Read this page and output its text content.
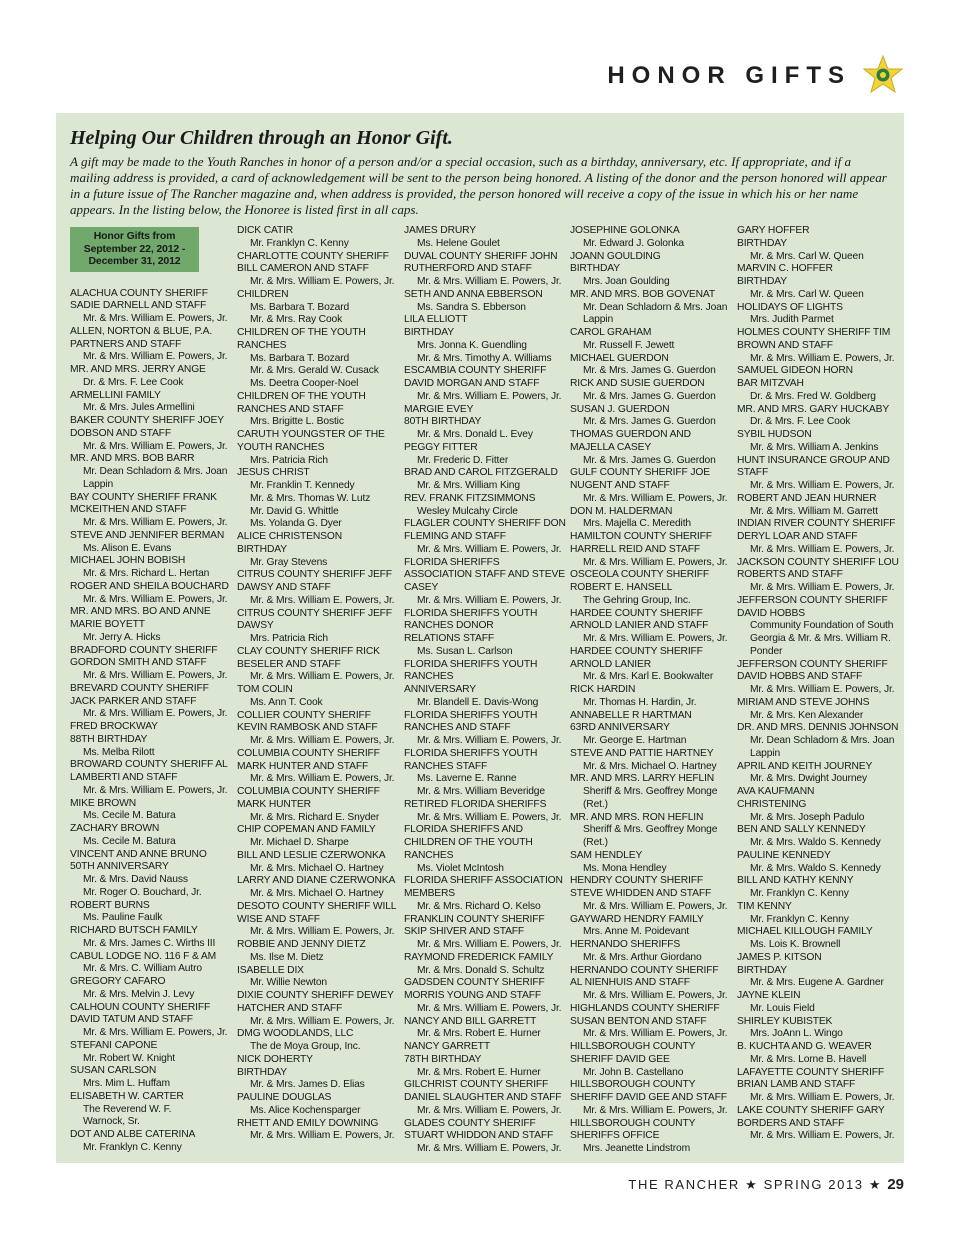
HONOR GIFTS
Helping Our Children through an Honor Gift.

A gift may be made to the Youth Ranches in honor of a person and/or a special occasion, such as a birthday, anniversary, etc. If appropriate, and if a mailing address is provided, a card of acknowledgement will be sent to the person being honored. A listing of the donor and the person honored will appear in a future issue of The Rancher magazine and, when address is provided, the person honored will receive a copy of the issue in which his or her name appears. In the listing below, the Honoree is listed first in all caps.

Honor Gifts from
September 22, 2012 -
December 31, 2012
ALACHUA COUNTY SHERIFF
SADIE DARNELL AND STAFF
Mr. & Mrs. William E. Powers, Jr.
ALLEN, NORTON & BLUE, P.A.
PARTNERS AND STAFF
Mr. & Mrs. William E. Powers, Jr.
MR. AND MRS. JERRY ANGE
Dr. & Mrs. F. Lee Cook
ARMELLINI FAMILY
Mr. & Mrs. Jules Armellini
BAKER COUNTY SHERIFF JOEY
DOBSON AND STAFF
Mr. & Mrs. William E. Powers, Jr.
MR. AND MRS. BOB BARR
Mr. Dean Schladorn & Mrs. Joan
Lappin
BAY COUNTY SHERIFF FRANK
MCKEITHEN AND STAFF
Mr. & Mrs. William E. Powers, Jr.
STEVE AND JENNIFER BERMAN
Ms. Alison E. Evans
MICHAEL JOHN BOBISH
Mr. & Mrs. Richard L. Hertan
ROGER AND SHEILA BOUCHARD
Mr. & Mrs. William E. Powers, Jr.
MR. AND MRS. BO AND ANNE
MARIE BOYETT
Mr. Jerry A. Hicks
BRADFORD COUNTY SHERIFF
GORDON SMITH AND STAFF
Mr. & Mrs. William E. Powers, Jr.
BREVARD COUNTY SHERIFF
JACK PARKER AND STAFF
Mr. & Mrs. William E. Powers, Jr.
FRED BROCKWAY
88TH BIRTHDAY
Ms. Melba Rilott
BROWARD COUNTY SHERIFF AL
LAMBERTI AND STAFF
Mr. & Mrs. William E. Powers, Jr.
MIKE BROWN
Ms. Cecile M. Batura
ZACHARY BROWN
Ms. Cecile M. Batura
VINCENT AND ANNE BRUNO
50TH ANNIVERSARY
Mr. & Mrs. David Nauss
Mr. Roger O. Bouchard, Jr.
ROBERT BURNS
Ms. Pauline Faulk
RICHARD BUTSCH FAMILY
Mr. & Mrs. James C. Wirths III
CABUL LODGE NO. 116 F & AM
Mr. & Mrs. C. William Autro
GREGORY CAFARO
Mr. & Mrs. Melvin J. Levy
CALHOUN COUNTY SHERIFF
DAVID TATUM AND STAFF
Mr. & Mrs. William E. Powers, Jr.
STEFANI CAPONE
Mr. Robert W. Knight
SUSAN CARLSON
Mrs. Mim L. Huffam
ELISABETH W. CARTER
The Reverend W. F.
Warnock, Sr.
DOT AND ALBE CATERINA
Mr. Franklyn C. Kenny
DICK CATIR
Mr. Franklyn C. Kenny
CHARLOTTE COUNTY SHERIFF
BILL CAMERON AND STAFF
Mr. & Mrs. William E. Powers, Jr.
CHILDREN
Ms. Barbara T. Bozard
Mr. & Mrs. Ray Cook
CHILDREN OF THE YOUTH
RANCHES
Ms. Barbara T. Bozard
Mr. & Mrs. Gerald W. Cusack
Ms. Deetra Cooper-Noel
CHILDREN OF THE YOUTH
RANCHES AND STAFF
Mrs. Brigitte L. Bostic
CARUTH YOUNGSTER OF THE
YOUTH RANCHES
Mrs. Patricia Rich
JESUS CHRIST
Mr. Franklin T. Kennedy
Mr. & Mrs. Thomas W. Lutz
Mr. David G. Whittle
Ms. Yolanda G. Dyer
ALICE CHRISTENSON
BIRTHDAY
Mr. Gray Stevens
CITRUS COUNTY SHERIFF JEFF
DAWSY AND STAFF
Mr. & Mrs. William E. Powers, Jr.
CITRUS COUNTY SHERIFF JEFF
DAWSY
Mrs. Patricia Rich
CLAY COUNTY SHERIFF RICK
BESELER AND STAFF
Mr. & Mrs. William E. Powers, Jr.
TOM COLIN
Ms. Ann T. Cook
COLLIER COUNTY SHERIFF
KEVIN RAMBOSK AND STAFF
Mr. & Mrs. William E. Powers, Jr.
COLUMBIA COUNTY SHERIFF
MARK HUNTER AND STAFF
Mr. & Mrs. William E. Powers, Jr.
COLUMBIA COUNTY SHERIFF
MARK HUNTER
Mr. & Mrs. Richard E. Snyder
CHIP COPEMAN AND FAMILY
Mr. Michael D. Sharpe
BILL AND LESLIE CZERWONKA
Mr. & Mrs. Michael O. Hartney
LARRY AND DIANE CZERWONKA
Mr. & Mrs. Michael O. Hartney
DESOTO COUNTY SHERIFF WILL
WISE AND STAFF
Mr. & Mrs. William E. Powers, Jr.
ROBBIE AND JENNY DIETZ
Ms. Ilse M. Dietz
ISABELLE DIX
Mr. Willie Newton
DIXIE COUNTY SHERIFF DEWEY
HATCHER AND STAFF
Mr. & Mrs. William E. Powers, Jr.
DMG WOODLANDS, LLC
The de Moya Group, Inc.
NICK DOHERTY
BIRTHDAY
Mr. & Mrs. James D. Elias
PAULINE DOUGLAS
Ms. Alice Kochensparger
RHETT AND EMILY DOWNING
Mr. & Mrs. William E. Powers, Jr.
JAMES DRURY
Ms. Helene Goulet
DUVAL COUNTY SHERIFF JOHN
RUTHERFORD AND STAFF
Mr. & Mrs. William E. Powers, Jr.
SETH AND ANNA EBBERSON
Ms. Sandra S. Ebberson
LILA ELLIOTT
BIRTHDAY
Mrs. Jonna K. Guendling
Mr. & Mrs. Timothy A. Williams
ESCAMBIA COUNTY SHERIFF
DAVID MORGAN AND STAFF
Mr. & Mrs. William E. Powers, Jr.
MARGIE EVEY
80TH BIRTHDAY
Mr. & Mrs. Donald L. Evey
PEGGY FITTER
Mr. Frederic D. Fitter
BRAD AND CAROL FITZGERALD
Mr. & Mrs. William King
REV. FRANK FITZSIMMONS
Wesley Mulcahy Circle
FLAGLER COUNTY SHERIFF DON
FLEMING AND STAFF
Mr. & Mrs. William E. Powers, Jr.
FLORIDA SHERIFFS
ASSOCIATION STAFF AND STEVE
CASEY
Mr. & Mrs. William E. Powers, Jr.
FLORIDA SHERIFFS YOUTH
RANCHES DONOR
RELATIONS STAFF
Ms. Susan L. Carlson
FLORIDA SHERIFFS YOUTH
RANCHES
ANNIVERSARY
Mr. Blandell E. Davis-Wong
FLORIDA SHERIFFS YOUTH
RANCHES AND STAFF
Mr. & Mrs. William E. Powers, Jr.
FLORIDA SHERIFFS YOUTH
RANCHES STAFF
Ms. Laverne E. Ranne
Mr. & Mrs. William Beveridge
RETIRED FLORIDA SHERIFFS
Mr. & Mrs. William E. Powers, Jr.
FLORIDA SHERIFFS AND
CHILDREN OF THE YOUTH
RANCHES
Ms. Violet McIntosh
FLORIDA SHERIFF ASSOCIATION
MEMBERS
Mr. & Mrs. Richard O. Kelso
FRANKLIN COUNTY SHERIFF
SKIP SHIVER AND STAFF
Mr. & Mrs. William E. Powers, Jr.
RAYMOND FREDERICK FAMILY
Mr. & Mrs. Donald S. Schultz
GADSDEN COUNTY SHERIFF
MORRIS YOUNG AND STAFF
Mr. & Mrs. William E. Powers, Jr.
NANCY AND BILL GARRETT
Mr. & Mrs. Robert E. Hurner
NANCY GARRETT
78TH BIRTHDAY
Mr. & Mrs. Robert E. Hurner
GILCHRIST COUNTY SHERIFF
DANIEL SLAUGHTER AND STAFF
Mr. & Mrs. William E. Powers, Jr.
GLADES COUNTY SHERIFF
STUART WHIDDON AND STAFF
Mr. & Mrs. William E. Powers, Jr.
JOSEPHINE GOLONKA
Mr. Edward J. Golonka
JOANN GOULDING
BIRTHDAY
Mrs. Joan Goulding
MR. AND MRS. BOB GOVENAT
Mr. Dean Schladorn & Mrs. Joan
Lappin
CAROL GRAHAM
Mr. Russell F. Jewett
MICHAEL GUERDON
Mr. & Mrs. James G. Guerdon
RICK AND SUSIE GUERDON
Mr. & Mrs. James G. Guerdon
SUSAN J. GUERDON
Mr. & Mrs. James G. Guerdon
THOMAS GUERDON AND
MAJELLA CASEY
Mr. & Mrs. James G. Guerdon
GULF COUNTY SHERIFF JOE
NUGENT AND STAFF
Mr. & Mrs. William E. Powers, Jr.
DON M. HALDERMAN
Mrs. Majella C. Meredith
HAMILTON COUNTY SHERIFF
HARRELL REID AND STAFF
Mr. & Mrs. William E. Powers, Jr.
OSCEOLA COUNTY SHERIFF
ROBERT E. HANSELL
The Gehring Group, Inc.
HARDEE COUNTY SHERIFF
ARNOLD LANIER AND STAFF
Mr. & Mrs. William E. Powers, Jr.
HARDEE COUNTY SHERIFF
ARNOLD LANIER
Mr. & Mrs. Karl E. Bookwalter
RICK HARDIN
Mr. Thomas H. Hardin, Jr.
ANNABELLE R HARTMAN
63RD ANNIVERSARY
Mr. George E. Hartman
STEVE AND PATTIE HARTNEY
Mr. & Mrs. Michael O. Hartney
MR. AND MRS. LARRY HEFLIN
Sheriff & Mrs. Geoffrey Monge
(Ret.)
MR. AND MRS. RON HEFLIN
Sheriff & Mrs. Geoffrey Monge
(Ret.)
SAM HENDLEY
Ms. Mona Hendley
HENDRY COUNTY SHERIFF
STEVE WHIDDEN AND STAFF
Mr. & Mrs. William E. Powers, Jr.
GAYWARD HENDRY FAMILY
Mrs. Anne M. Poidevant
HERNANDO SHERIFFS
Mr. & Mrs. Arthur Giordano
HERNANDO COUNTY SHERIFF
AL NIENHUIS AND STAFF
Mr. & Mrs. William E. Powers, Jr.
HIGHLANDS COUNTY SHERIFF
SUSAN BENTON AND STAFF
Mr. & Mrs. William E. Powers, Jr.
HILLSBOROUGH COUNTY
SHERIFF DAVID GEE
Mr. John B. Castellano
HILLSBOROUGH COUNTY
SHERIFF DAVID GEE AND STAFF
Mr. & Mrs. William E. Powers, Jr.
HILLSBOROUGH COUNTY
SHERIFFS OFFICE
Mrs. Jeanette Lindstrom
GARY HOFFER
BIRTHDAY
Mr. & Mrs. Carl W. Queen
MARVIN C. HOFFER
BIRTHDAY
Mr. & Mrs. Carl W. Queen
HOLIDAYS OF LIGHTS
Mrs. Judith Parmet
HOLMES COUNTY SHERIFF TIM
BROWN AND STAFF
Mr. & Mrs. William E. Powers, Jr.
SAMUEL GIDEON HORN
BAR MITZVAH
Dr. & Mrs. Fred W. Goldberg
MR. AND MRS. GARY HUCKABY
Dr. & Mrs. F. Lee Cook
SYBIL HUDSON
Mr. & Mrs. William A. Jenkins
HUNT INSURANCE GROUP AND
STAFF
Mr. & Mrs. William E. Powers, Jr.
ROBERT AND JEAN HURNER
Mr. & Mrs. William M. Garrett
INDIAN RIVER COUNTY SHERIFF
DERYL LOAR AND STAFF
Mr. & Mrs. William E. Powers, Jr.
JACKSON COUNTY SHERIFF LOU
ROBERTS AND STAFF
Mr. & Mrs. William E. Powers, Jr.
JEFFERSON COUNTY SHERIFF
DAVID HOBBS
Community Foundation of South
Georgia & Mr. & Mrs. William R.
Ponder
JEFFERSON COUNTY SHERIFF
DAVID HOBBS AND STAFF
Mr. & Mrs. William E. Powers, Jr.
MIRIAM AND STEVE JOHNS
Mr. & Mrs. Ken Alexander
DR. AND MRS. DENNIS JOHNSON
Mr. Dean Schladorn & Mrs. Joan
Lappin
APRIL AND KEITH JOURNEY
Mr. & Mrs. Dwight Journey
AVA KAUFMANN
CHRISTENING
Mr. & Mrs. Joseph Padulo
BEN AND SALLY KENNEDY
Mr. & Mrs. Waldo S. Kennedy
PAULINE KENNEDY
Mr. & Mrs. Waldo S. Kennedy
BILL AND KATHY KENNY
Mr. Franklyn C. Kenny
TIM KENNY
Mr. Franklyn C. Kenny
MICHAEL KILLOUGH FAMILY
Ms. Lois K. Brownell
JAMES P. KITSON
BIRTHDAY
Mr. & Mrs. Eugene A. Gardner
JAYNE KLEIN
Mr. Louis Field
SHIRLEY KUBISTEK
Mrs. JoAnn L. Wingo
B. KUCHTA AND G. WEAVER
Mr. & Mrs. Lorne B. Havell
LAFAYETTE COUNTY SHERIFF
BRIAN LAMB AND STAFF
Mr. & Mrs. William E. Powers, Jr.
LAKE COUNTY SHERIFF GARY
BORDERS AND STAFF
Mr. & Mrs. William E. Powers, Jr.
THE RANCHER ★ SPRING 2013 ★ 29
